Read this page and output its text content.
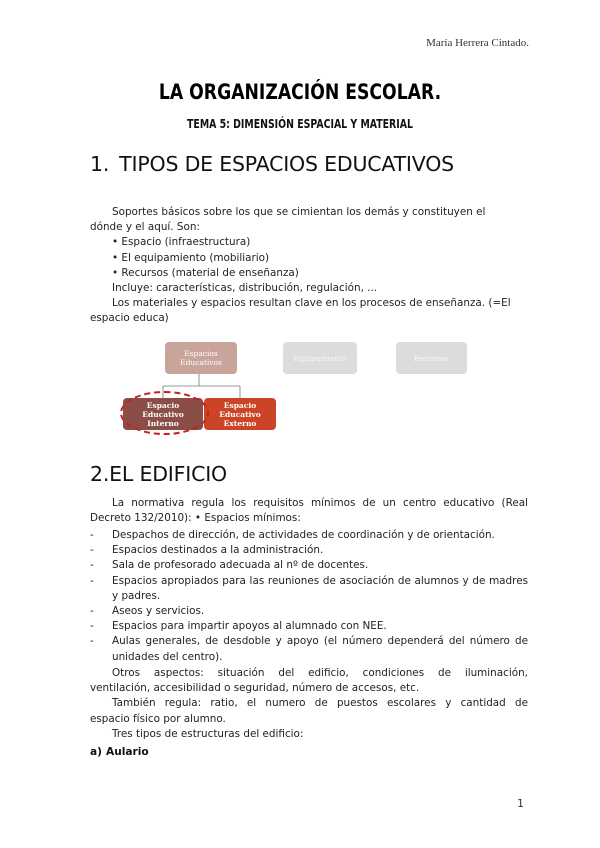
María Herrera Cintado.
LA ORGANIZACIÓN ESCOLAR.
TEMA 5: DIMENSIÓN ESPACIAL Y MATERIAL
1. TIPOS DE ESPACIOS EDUCATIVOS
Soportes básicos sobre los que se cimientan los demás y constituyen el
dónde y el aquí. Son:
• Espacio (infraestructura)
• El equipamiento (mobiliario)
• Recursos (material de enseñanza)
Incluye: características, distribución, regulación, ...
Los materiales y espacios resultan clave en los procesos de enseñanza. (=El
espacio educa)
Espacios
Educativos	Equipamiento	Recursos
Espacio
Educativo
Interno
Espacio
Educativo
Externo
2.EL EDIFICIO
La normativa regula los requisitos mínimos de un centro educativo (Real
Decreto 132/2010): • Espacios mínimos:
- Despachos de dirección, de actividades de coordinación y de orientación.
- Espacios destinados a la administración.
- Sala de profesorado adecuada al nº de docentes.
- Espacios apropiados para las reuniones de asociación de alumnos y de madres y padres.
- Aseos y servicios.
- Espacios para impartir apoyos al alumnado con NEE.
- Aulas generales, de desdoble y apoyo (el número dependerá del número de unidades del centro).
Otros aspectos: situación del edificio, condiciones de iluminación,
ventilación, accesibilidad o seguridad, número de accesos, etc.
También regula: ratio, el numero de puestos escolares y cantidad de
espacio físico por alumno.
Tres tipos de estructuras del edificio:
a) Aulario
1
